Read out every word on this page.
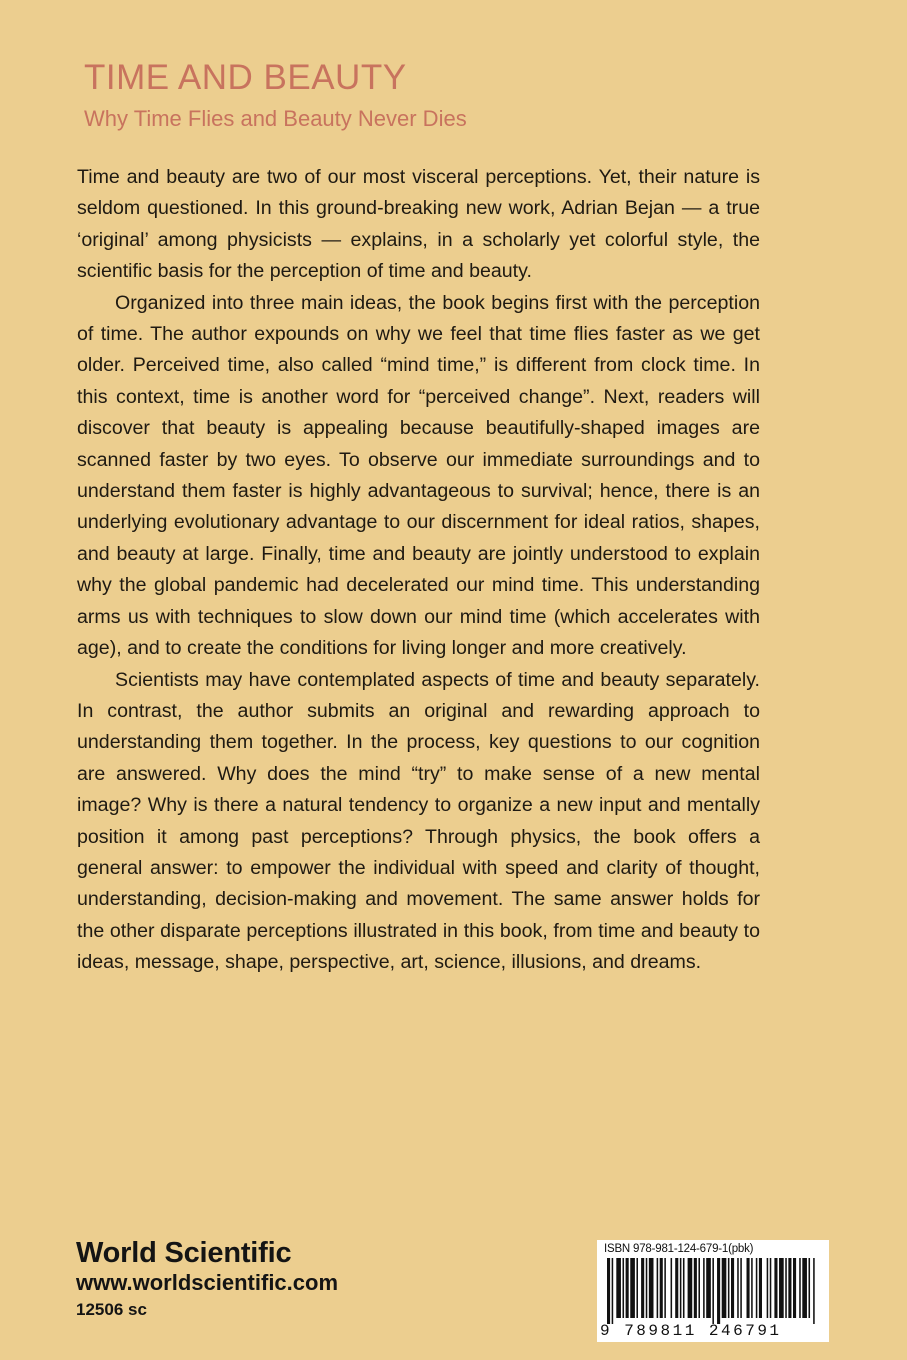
TIME AND BEAUTY
Why Time Flies and Beauty Never Dies

Time and beauty are two of our most visceral perceptions. Yet, their nature is seldom questioned. In this ground-breaking new work, Adrian Bejan — a true ‘original’ among physicists — explains, in a scholarly yet colorful style, the scientific basis for the perception of time and beauty.

Organized into three main ideas, the book begins first with the perception of time. The author expounds on why we feel that time flies faster as we get older. Perceived time, also called “mind time,” is different from clock time. In this context, time is another word for “perceived change”. Next, readers will discover that beauty is appealing because beautifully-shaped images are scanned faster by two eyes. To observe our immediate surroundings and to understand them faster is highly advantageous to survival; hence, there is an underlying evolutionary advantage to our discernment for ideal ratios, shapes, and beauty at large. Finally, time and beauty are jointly understood to explain why the global pandemic had decelerated our mind time. This understanding arms us with techniques to slow down our mind time (which accelerates with age), and to create the conditions for living longer and more creatively.

Scientists may have contemplated aspects of time and beauty separately. In contrast, the author submits an original and rewarding approach to understanding them together. In the process, key questions to our cognition are answered. Why does the mind “try” to make sense of a new mental image? Why is there a natural tendency to organize a new input and mentally position it among past perceptions? Through physics, the book offers a general answer: to empower the individual with speed and clarity of thought, understanding, decision-making and movement. The same answer holds for the other disparate perceptions illustrated in this book, from time and beauty to ideas, message, shape, perspective, art, science, illusions, and dreams.

World Scientific
www.worldscientific.com
12506 sc
ISBN 978-981-124-679-1(pbk)
9 789811 246791
